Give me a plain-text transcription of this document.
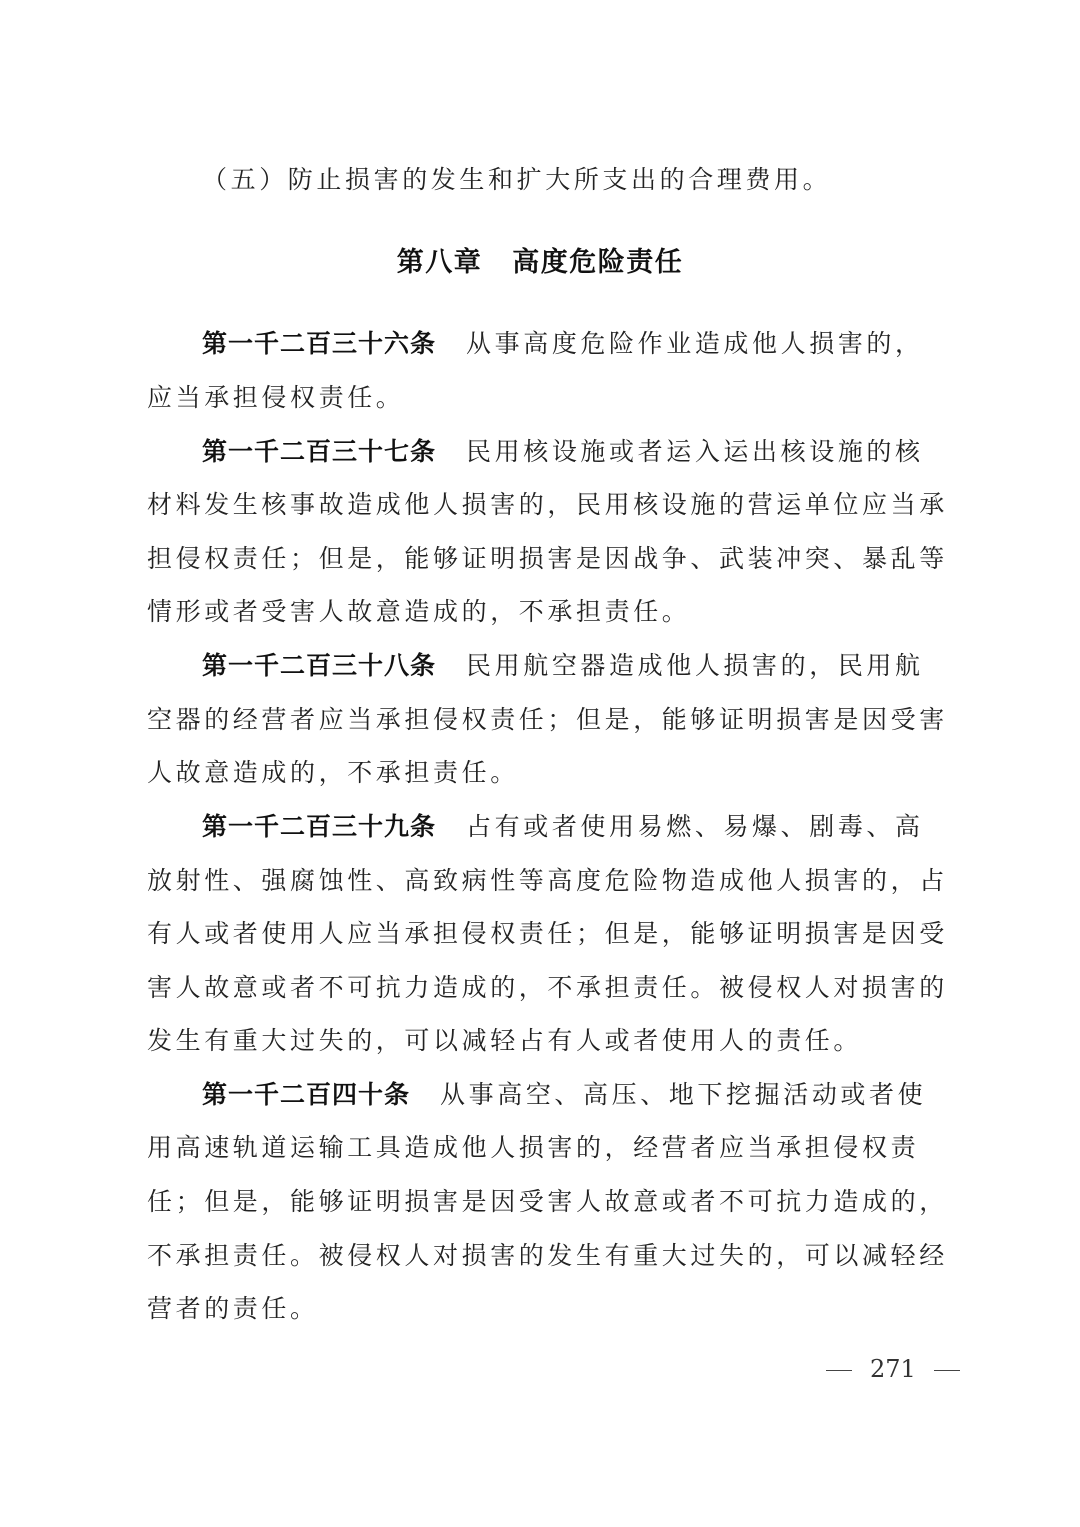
（五）防止损害的发生和扩大所支出的合理费用。
第八章 高度危险责任
第一千二百三十六条 从事高度危险作业造成他人损害的，
应当承担侵权责任。
第一千二百三十七条 民用核设施或者运入运出核设施的核
材料发生核事故造成他人损害的，民用核设施的营运单位应当承
担侵权责任；但是，能够证明损害是因战争、武装冲突、暴乱等
情形或者受害人故意造成的，不承担责任。
第一千二百三十八条 民用航空器造成他人损害的，民用航
空器的经营者应当承担侵权责任；但是，能够证明损害是因受害
人故意造成的，不承担责任。
第一千二百三十九条 占有或者使用易燃、易爆、剧毒、高
放射性、强腐蚀性、高致病性等高度危险物造成他人损害的，占
有人或者使用人应当承担侵权责任；但是，能够证明损害是因受
害人故意或者不可抗力造成的，不承担责任。被侵权人对损害的
发生有重大过失的，可以减轻占有人或者使用人的责任。
第一千二百四十条 从事高空、高压、地下挖掘活动或者使
用高速轨道运输工具造成他人损害的，经营者应当承担侵权责
任；但是，能够证明损害是因受害人故意或者不可抗力造成的，
不承担责任。被侵权人对损害的发生有重大过失的，可以减轻经
营者的责任。
271
